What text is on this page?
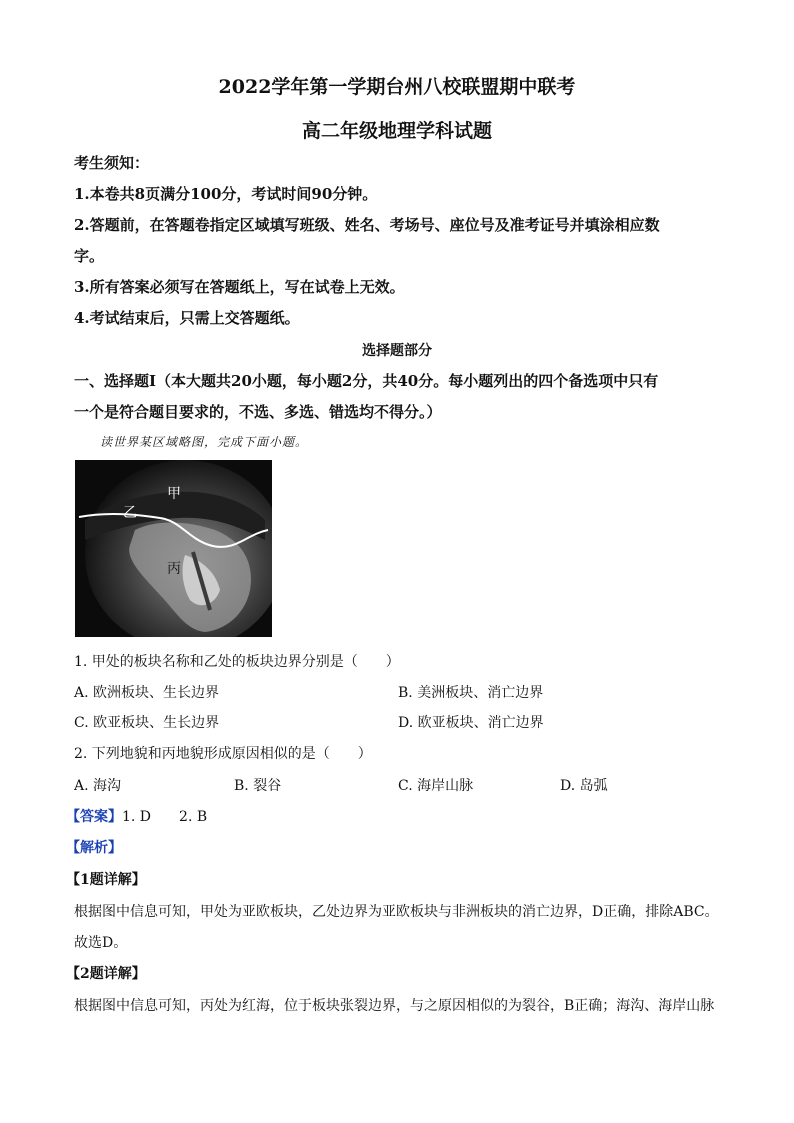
2022学年第一学期台州八校联盟期中联考
高二年级地理学科试题
考生须知：
1.本卷共8页满分100分，考试时间90分钟。
2.答题前，在答题卷指定区域填写班级、姓名、考场号、座位号及准考证号并填涂相应数
字。
3.所有答案必须写在答题纸上，写在试卷上无效。
4.考试结束后，只需上交答题纸。
选择题部分
一、选择题Ⅰ（本大题共20小题，每小题2分，共40分。每小题列出的四个备选项中只有
一个是符合题目要求的，不选、多选、错选均不得分。）
读世界某区域略图，完成下面小题。
甲
乙
丙
1. 甲处的板块名称和乙处的板块边界分别是（　　）
A. 欧洲板块、生长边界	B. 美洲板块、消亡边界
C. 欧亚板块、生长边界	D. 欧亚板块、消亡边界
2. 下列地貌和丙地貌形成原因相似的是（　　）
A. 海沟	B. 裂谷	C. 海岸山脉	D. 岛弧
【答案】1. D 2. B
【解析】
【1题详解】
根据图中信息可知，甲处为亚欧板块，乙处边界为亚欧板块与非洲板块的消亡边界，D正确，排除ABC。
故选D。
【2题详解】
根据图中信息可知，丙处为红海，位于板块张裂边界，与之原因相似的为裂谷，B正确；海沟、海岸山脉
